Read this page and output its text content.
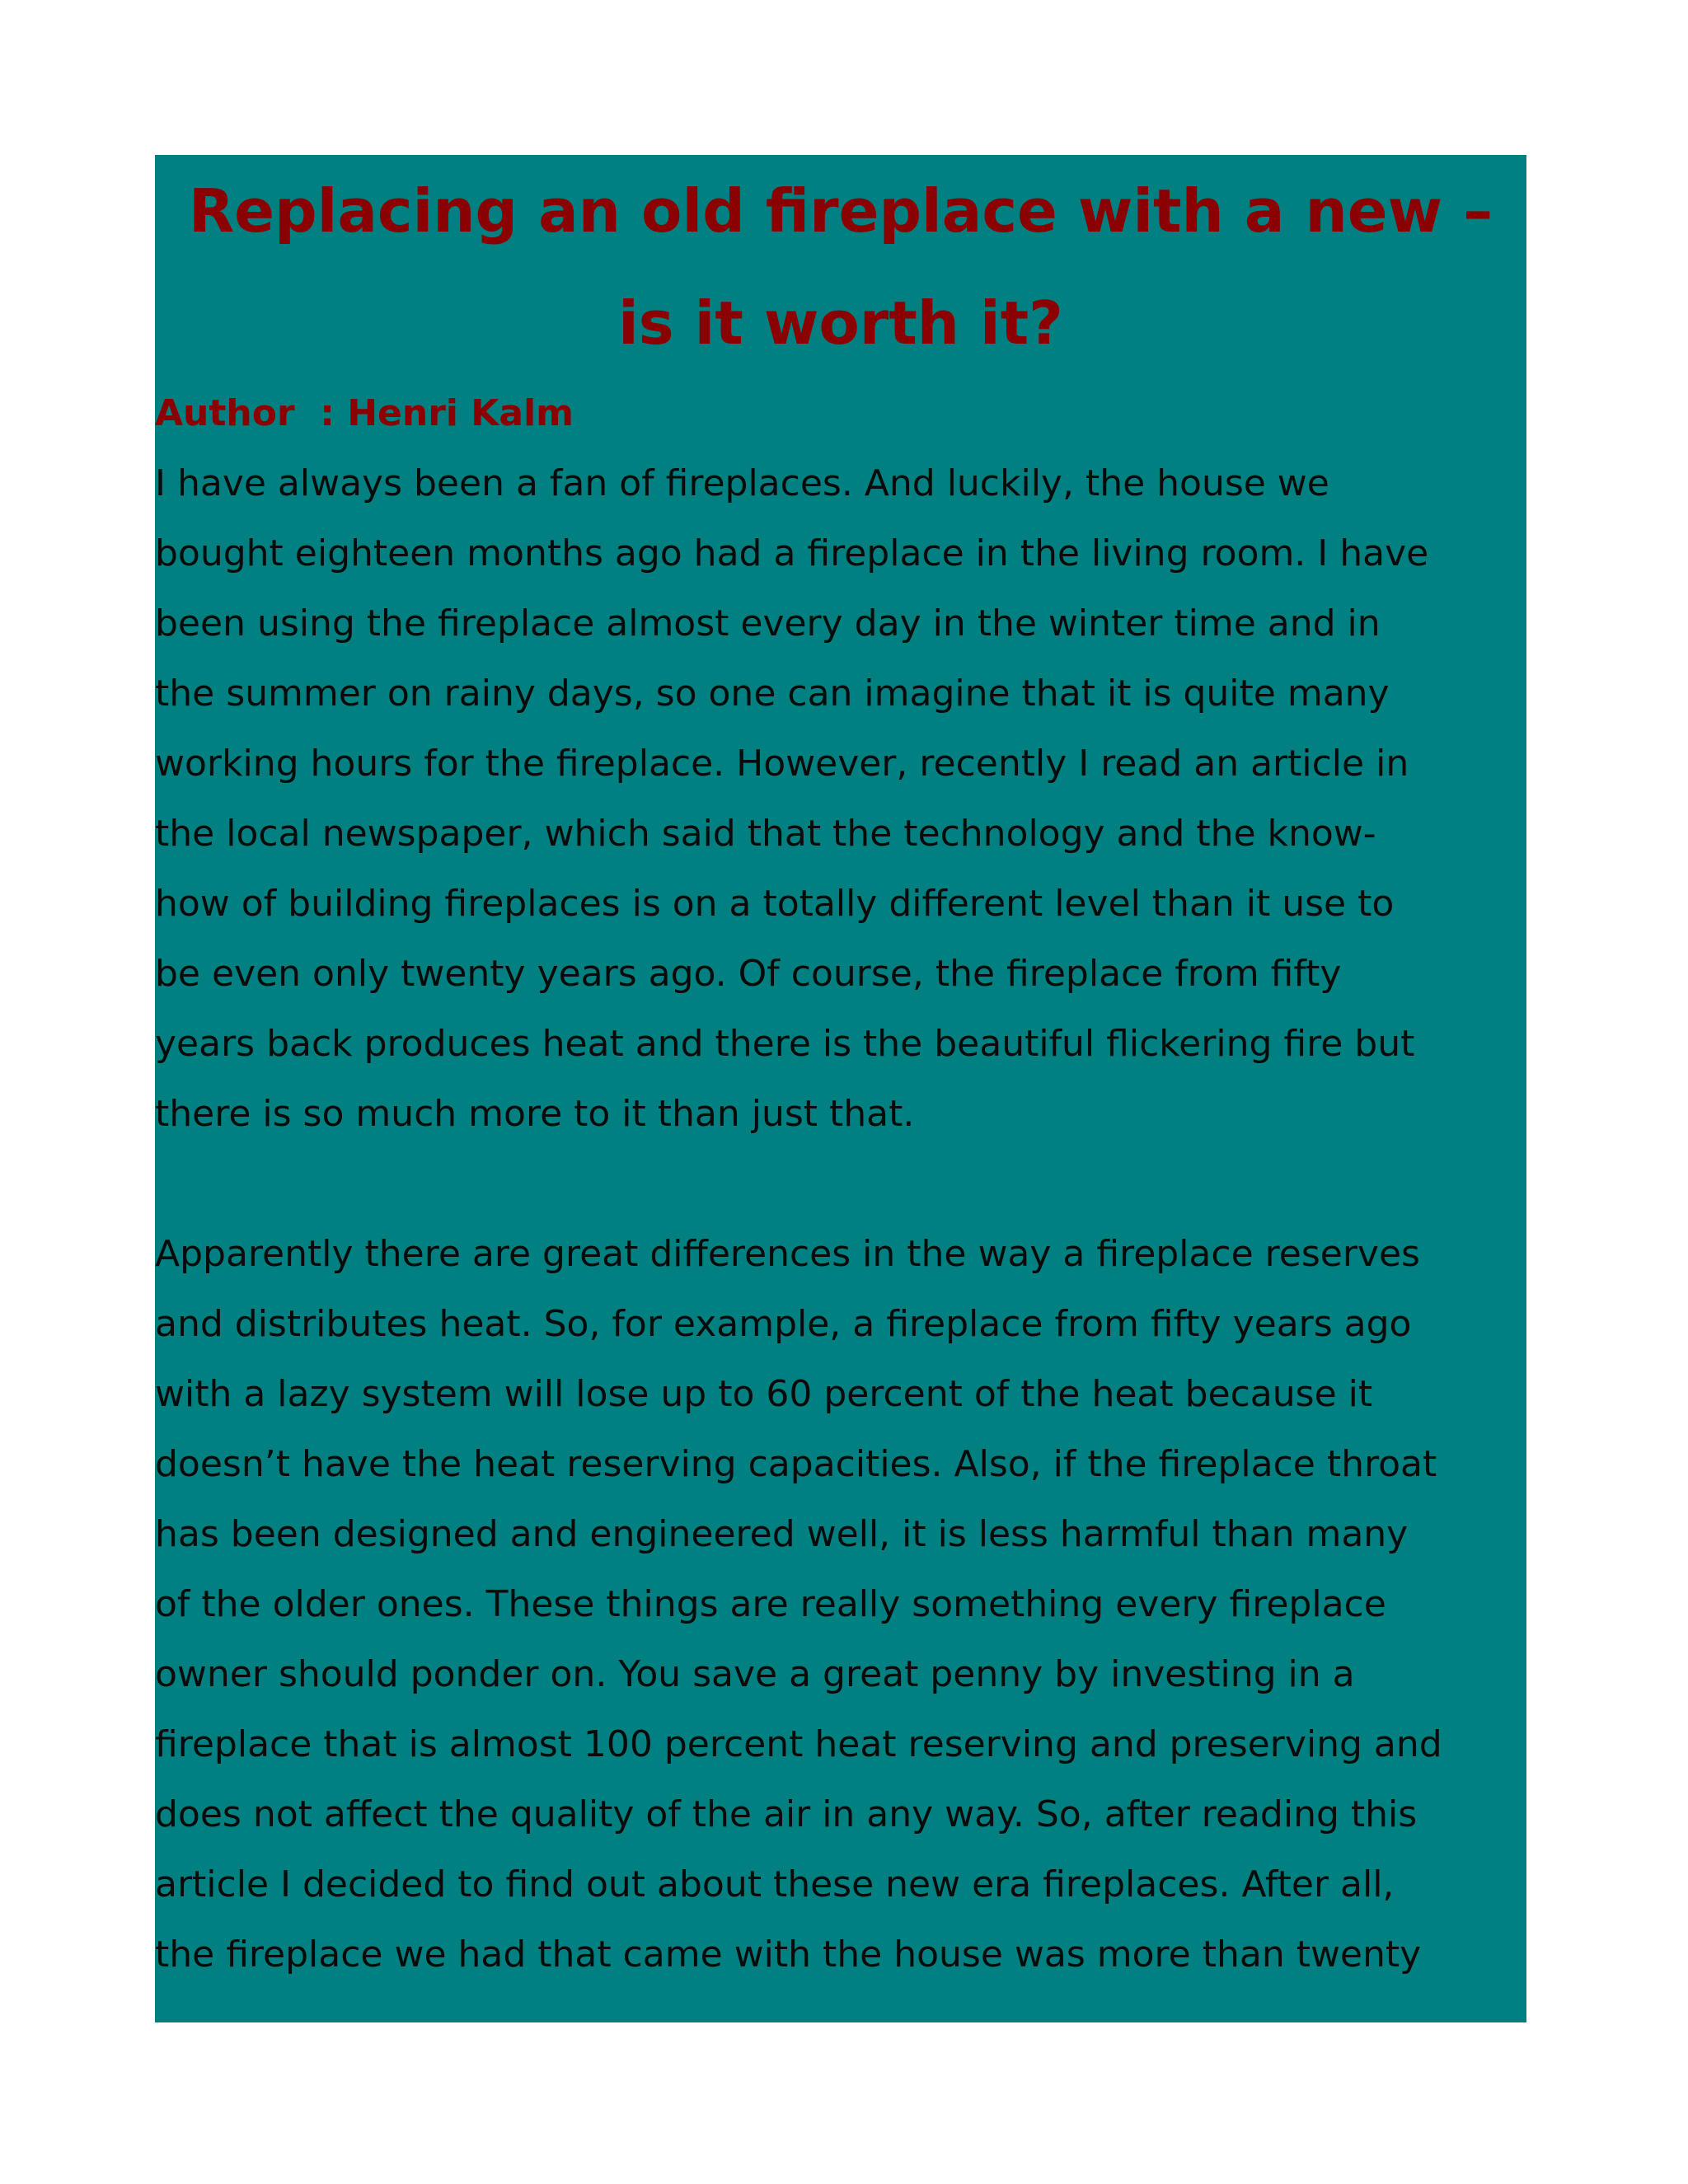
Replacing an old fireplace with a new –
is it worth it?

Author  : Henri Kalm

I have always been a fan of fireplaces. And luckily, the house we
bought eighteen months ago had a fireplace in the living room. I have
been using the fireplace almost every day in the winter time and in
the summer on rainy days, so one can imagine that it is quite many
working hours for the fireplace. However, recently I read an article in
the local newspaper, which said that the technology and the know-
how of building fireplaces is on a totally different level than it use to
be even only twenty years ago. Of course, the fireplace from fifty
years back produces heat and there is the beautiful flickering fire but
there is so much more to it than just that.
Apparently there are great differences in the way a fireplace reserves
and distributes heat. So, for example, a fireplace from fifty years ago
with a lazy system will lose up to 60 percent of the heat because it
doesn’t have the heat reserving capacities. Also, if the fireplace throat
has been designed and engineered well, it is less harmful than many
of the older ones. These things are really something every fireplace
owner should ponder on. You save a great penny by investing in a
fireplace that is almost 100 percent heat reserving and preserving and
does not affect the quality of the air in any way. So, after reading this
article I decided to find out about these new era fireplaces. After all,
the fireplace we had that came with the house was more than twenty
